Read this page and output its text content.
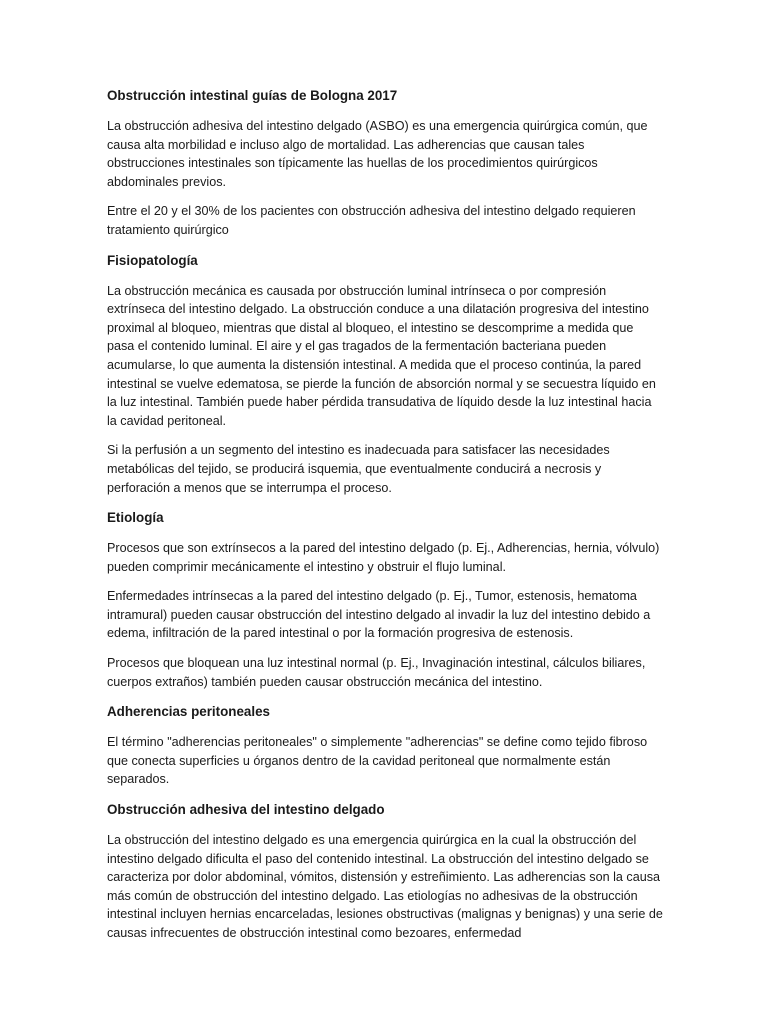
Obstrucción intestinal guías de Bologna 2017

La obstrucción adhesiva del intestino delgado (ASBO) es una emergencia quirúrgica común, que causa alta morbilidad e incluso algo de mortalidad. Las adherencias que causan tales obstrucciones intestinales son típicamente las huellas de los procedimientos quirúrgicos abdominales previos.

Entre el 20 y el 30% de los pacientes con obstrucción adhesiva del intestino delgado requieren tratamiento quirúrgico

Fisiopatología

La obstrucción mecánica es causada por obstrucción luminal intrínseca o por compresión extrínseca del intestino delgado. La obstrucción conduce a una dilatación progresiva del intestino proximal al bloqueo, mientras que distal al bloqueo, el intestino se descomprime a medida que pasa el contenido luminal. El aire y el gas tragados de la fermentación bacteriana pueden acumularse, lo que aumenta la distensión intestinal. A medida que el proceso continúa, la pared intestinal se vuelve edematosa, se pierde la función de absorción normal y se secuestra líquido en la luz intestinal. También puede haber pérdida transudativa de líquido desde la luz intestinal hacia la cavidad peritoneal.

Si la perfusión a un segmento del intestino es inadecuada para satisfacer las necesidades metabólicas del tejido, se producirá isquemia, que eventualmente conducirá a necrosis y perforación a menos que se interrumpa el proceso.

Etiología

Procesos que son extrínsecos a la pared del intestino delgado (p. Ej., Adherencias, hernia, vólvulo) pueden comprimir mecánicamente el intestino y obstruir el flujo luminal.

Enfermedades intrínsecas a la pared del intestino delgado (p. Ej., Tumor, estenosis, hematoma intramural) pueden causar obstrucción del intestino delgado al invadir la luz del intestino debido a edema, infiltración de la pared intestinal o por la formación progresiva de estenosis.

Procesos que bloquean una luz intestinal normal (p. Ej., Invaginación intestinal, cálculos biliares, cuerpos extraños) también pueden causar obstrucción mecánica del intestino.

Adherencias peritoneales

El término "adherencias peritoneales" o simplemente "adherencias" se define como tejido fibroso que conecta superficies u órganos dentro de la cavidad peritoneal que normalmente están separados.

Obstrucción adhesiva del intestino delgado

La obstrucción del intestino delgado es una emergencia quirúrgica en la cual la obstrucción del intestino delgado dificulta el paso del contenido intestinal. La obstrucción del intestino delgado se caracteriza por dolor abdominal, vómitos, distensión y estreñimiento. Las adherencias son la causa más común de obstrucción del intestino delgado. Las etiologías no adhesivas de la obstrucción intestinal incluyen hernias encarceladas, lesiones obstructivas (malignas y benignas) y una serie de causas infrecuentes de obstrucción intestinal como bezoares, enfermedad
